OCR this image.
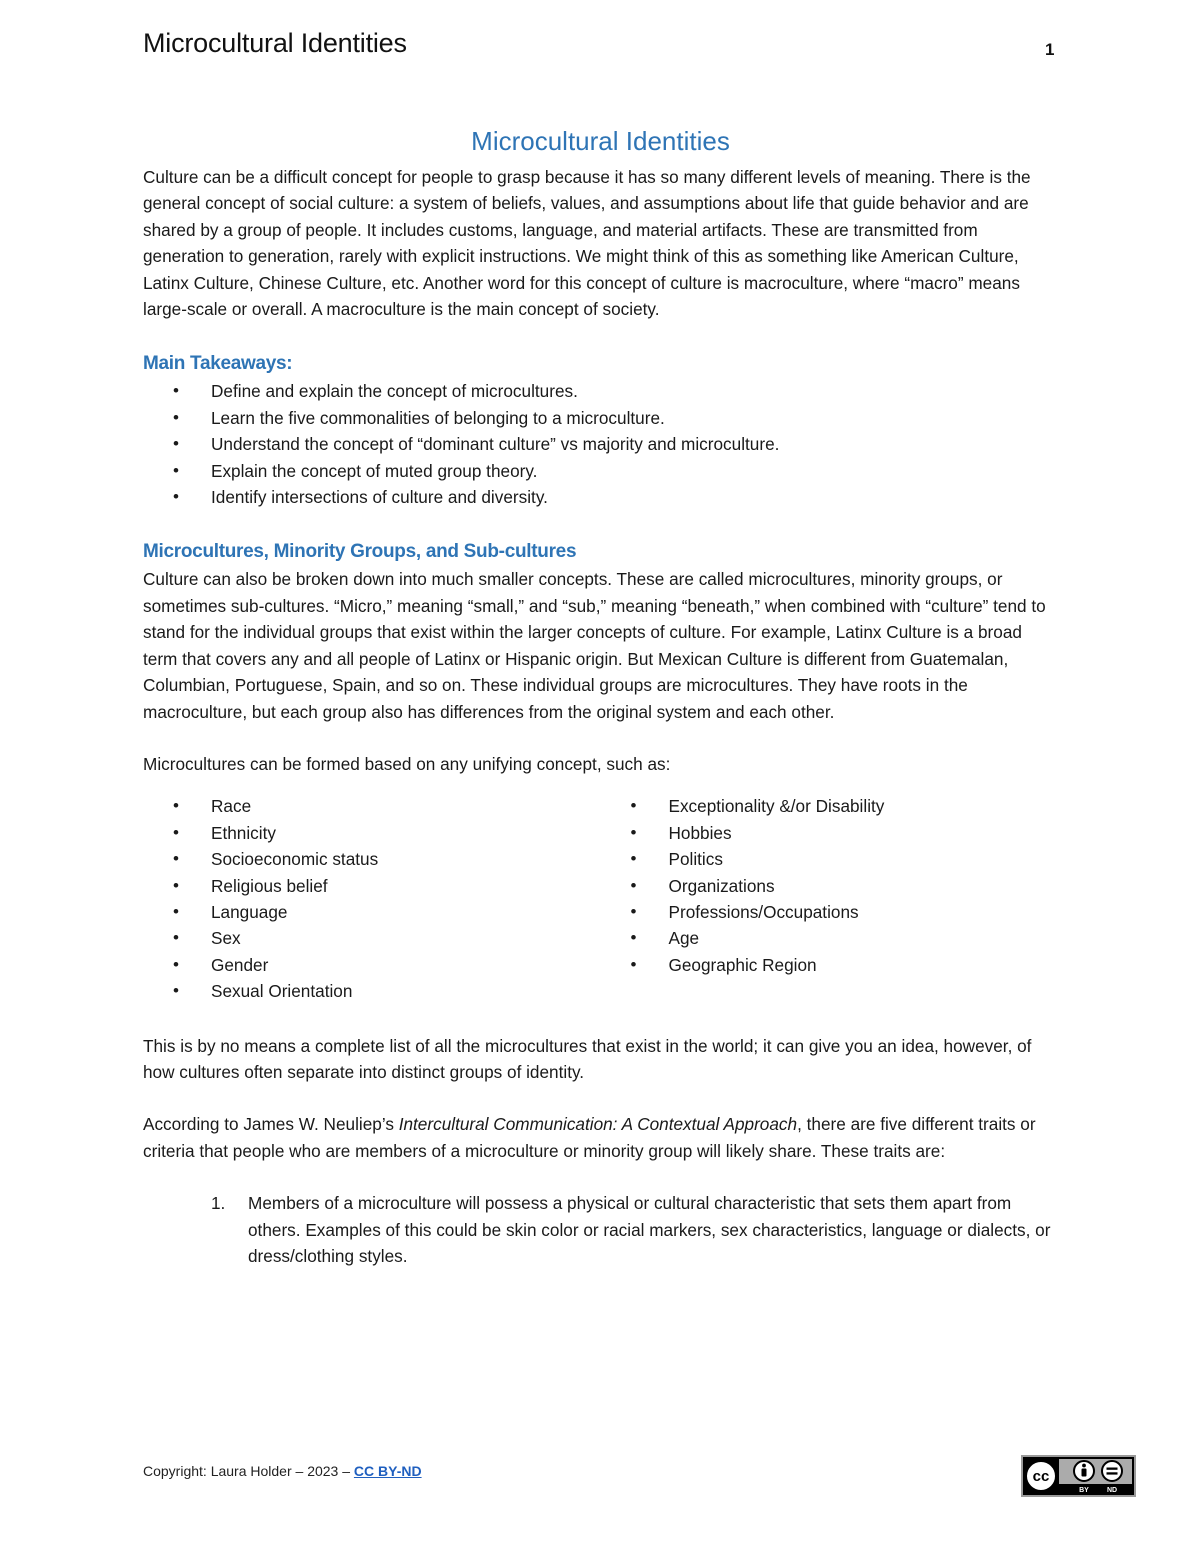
Microcultural Identities	1
Microcultural Identities

Culture can be a difficult concept for people to grasp because it has so many different levels of meaning. There is the general concept of social culture: a system of beliefs, values, and assumptions about life that guide behavior and are shared by a group of people. It includes customs, language, and material artifacts. These are transmitted from generation to generation, rarely with explicit instructions. We might think of this as something like American Culture, Latinx Culture, Chinese Culture, etc. Another word for this concept of culture is macroculture, where “macro” means large-scale or overall. A macroculture is the main concept of society.

Main Takeaways:
• Define and explain the concept of microcultures.
• Learn the five commonalities of belonging to a microculture.
• Understand the concept of “dominant culture” vs majority and microculture.
• Explain the concept of muted group theory.
• Identify intersections of culture and diversity.
Microcultures, Minority Groups, and Sub-cultures

Culture can also be broken down into much smaller concepts. These are called microcultures, minority groups, or sometimes sub-cultures. “Micro,” meaning “small,” and “sub,” meaning “beneath,” when combined with “culture” tend to stand for the individual groups that exist within the larger concepts of culture. For example, Latinx Culture is a broad term that covers any and all people of Latinx or Hispanic origin. But Mexican Culture is different from Guatemalan, Columbian, Portuguese, Spain, and so on. These individual groups are microcultures. They have roots in the macroculture, but each group also has differences from the original system and each other.

Microcultures can be formed based on any unifying concept, such as:

• Race
• Ethnicity
• Socioeconomic status
• Religious belief
• Language
• Sex
• Gender
• Sexual Orientation
• Exceptionality &/or Disability
• Hobbies
• Politics
• Organizations
• Professions/Occupations
• Age
• Geographic Region

This is by no means a complete list of all the microcultures that exist in the world; it can give you an idea, however, of how cultures often separate into distinct groups of identity.

According to James W. Neuliep’s Intercultural Communication: A Contextual Approach, there are five different traits or criteria that people who are members of a microculture or minority group will likely share. These traits are:

1. Members of a microculture will possess a physical or cultural characteristic that sets them apart from others. Examples of this could be skin color or racial markers, sex characteristics, language or dialects, or dress/clothing styles.
Copyright: Laura Holder – 2023 – CC BY-ND	cc
BY	ND
